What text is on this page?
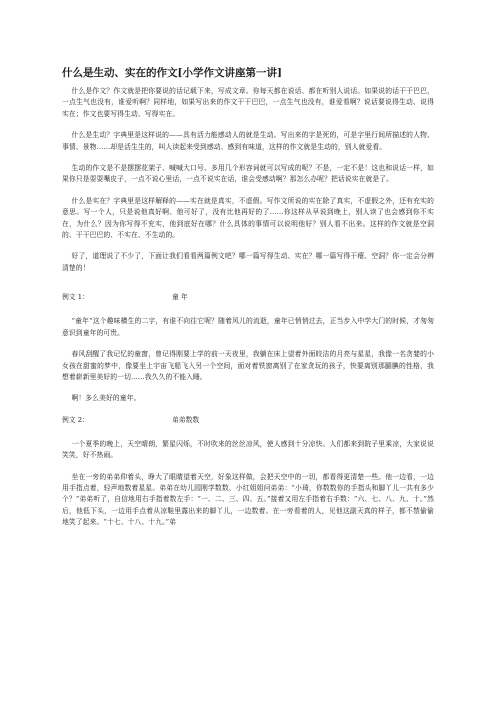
什么是生动、实在的作文[小学作文讲座第一讲]

什么是作文？作文就是把你要说的话记载下来，写成文章。你每天都在说话、都在听别人说话。如果说的话干干巴巴，一点生气也没有，谁爱听啊？同样地，如果写出来的作文干干巴巴，一点生气也没有，谁爱看啊？说话要说得生动、说得实在；作文也要写得生动、写得实在。

什么是生动？字典里是这样说的——具有活力能感动人的就是生动。写出来的字是死的，可是字里行间所描述的人物、事情、景物……却是活生生的，叫人读起来受到感动、感到有味道，这样的作文就是生动的，别人就爱看。

生动的作文是不是摆摆花架子、喊喊大口号、多用几个形容词就可以写成的呢？不是，一定不是！这也和说话一样，如果你只是耍耍嘴皮子，一点不说心里话，一点不说实在话，谁会受感动啊？那怎么办呢？把话说实在就是了。

什么是实在？字典里是这样解释的——实在就是真实，不虚假。写作文所说的实在除了真实，不虚假之外，还有充实的意思。写一个人，只是说他真好啊、他可好了，没有比他再好的了……你这样从早说到晚上，别人读了也会感到你不实在，为什么？因为你写得不充实，他到底好在哪？什么具体的事情可以说明他好？别人看不出来。这样的作文就是空洞的、干干巴巴的、不实在、不生动的。

好了，道理说了不少了，下面让我们看看两篇例文吧？哪一篇写得生动、实在？哪一篇写得干瘪、空洞？你一定会分辨清楚的！

例文 1：	童 年

“童年”这个趣味横生的二字，有谁不向往它呢？随着风儿的流逝，童年已悄悄过去，正当步入中学大门的时候，才匆匆意识到童年的可贵。

春风刮醒了我记忆的童窗，曾记得刚要上学的前一天夜里，我躺在床上望着外面皎洁的月亮与星星，我像一名贪婪的小女孩在甜蜜的梦中，像要坐上宇宙飞船飞入另一个空间，面对着铁窗离别了在家贪玩的孩子，快要离别那腼腆的性格，我想着崭新里美好的一切……我久久的不能入睡。

啊！多么美好的童年。

例文 2：	弟弟数数

一个夏季的晚上，天空晴朗，繁星闪烁，不时吹来的丝丝凉风，使人感到十分凉快。人们都来到院子里乘凉，大家说说笑笑，好不热闹。

坐在一旁的弟弟仰着头，睁大了眼睛望着天空，好象这样做，会把天空中的一切，都看得更清楚一些。他一边看，一边用手指点着，轻声地数着星星。弟弟在幼儿园刚学数数，小红姐姐问弟弟：“小琦，你数数你的手指头和脚丫儿一共有多少个？”弟弟听了，自信地用右手指着数左手：“一、二、三、四、五。”接着又用左手指着右手数：“六、七、八、九、十。”然后，他低下头，一边用手点着从凉鞋里露出来的脚丫儿，一边数着。在一旁看着的人，见他这副天真的样子，都不禁偷偷地笑了起来。“十七、十八、十九。”弟
